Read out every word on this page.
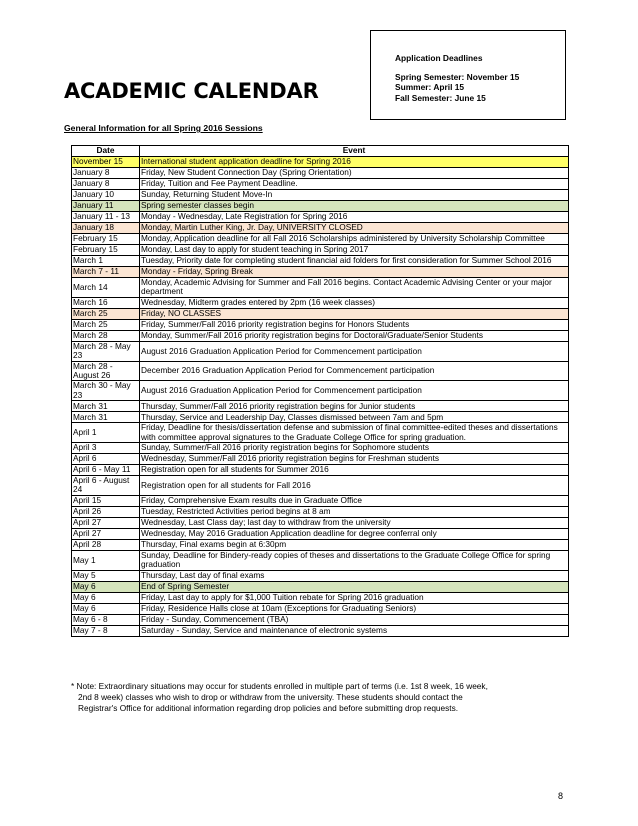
Application Deadlines
Spring Semester: November 15
Summer: April 15
Fall Semester: June 15
ACADEMIC CALENDAR
General Information for all Spring 2016 Sessions
Date	Event
November 15	International student application deadline for Spring 2016
January 8	Friday, New Student Connection Day (Spring Orientation)
January 8	Friday, Tuition and Fee Payment Deadline.
January 10	Sunday, Returning Student Move-In
January 11	Spring semester classes begin
January 11 - 13	Monday - Wednesday, Late Registration for Spring 2016
January 18	Monday, Martin Luther King, Jr. Day, UNIVERSITY CLOSED
February 15	Monday, Application deadline for all Fall 2016 Scholarships administered by University Scholarship Committee
February 15	Monday, Last day to apply for student teaching in Spring 2017
March 1	Tuesday, Priority date for completing student financial aid folders for first consideration for Summer School 2016
March 7 - 11	Monday - Friday, Spring Break
March 14	Monday, Academic Advising for Summer and Fall 2016 begins. Contact Academic Advising Center or your major department
March 16	Wednesday, Midterm grades entered by 2pm (16 week classes)
March 25	Friday, NO CLASSES
March 25	Friday, Summer/Fall 2016 priority registration begins for Honors Students
March 28	Monday, Summer/Fall 2016 priority registration begins for Doctoral/Graduate/Senior Students
March 28 - May 23	August 2016 Graduation Application Period for Commencement participation
March 28 - August 26	December 2016 Graduation Application Period for Commencement participation
March 30 - May 23	August 2016 Graduation Application Period for Commencement participation
March 31	Thursday, Summer/Fall 2016 priority registration begins for Junior students
March 31	Thursday, Service and Leadership Day, Classes dismissed between 7am and 5pm
April 1	Friday, Deadline for thesis/dissertation defense and submission of final committee-edited theses and dissertations with committee approval signatures to the Graduate College Office for spring graduation.
April 3	Sunday, Summer/Fall 2016 priority registration begins for Sophomore students
April 6	Wednesday, Summer/Fall 2016 priority registration begins for Freshman students
April 6 - May 11	Registration open for all students for Summer 2016
April 6 - August 24	Registration open for all students for Fall 2016
April 15	Friday, Comprehensive Exam results due in Graduate Office
April 26	Tuesday, Restricted Activities period begins at 8 am
April 27	Wednesday, Last Class day; last day to withdraw from the university
April 27	Wednesday, May 2016 Graduation Application deadline for degree conferral only
April 28	Thursday, Final exams begin at 6:30pm
May 1	Sunday, Deadline for Bindery-ready copies of theses and dissertations to the Graduate College Office for spring graduation
May 5	Thursday, Last day of final exams
May 6	End of Spring Semester
May 6	Friday, Last day to apply for $1,000 Tuition rebate for Spring 2016 graduation
May 6	Friday, Residence Halls close at 10am (Exceptions for Graduating Seniors)
May 6 - 8	Friday - Sunday, Commencement (TBA)
May 7 - 8	Saturday - Sunday, Service and maintenance of electronic systems
* Note: Extraordinary situations may occur for students enrolled in multiple part of terms (i.e. 1st 8 week, 16 week,
2nd 8 week) classes who wish to drop or withdraw from the university. These students should contact the
Registrar's Office for additional information regarding drop policies and before submitting drop requests.
8
